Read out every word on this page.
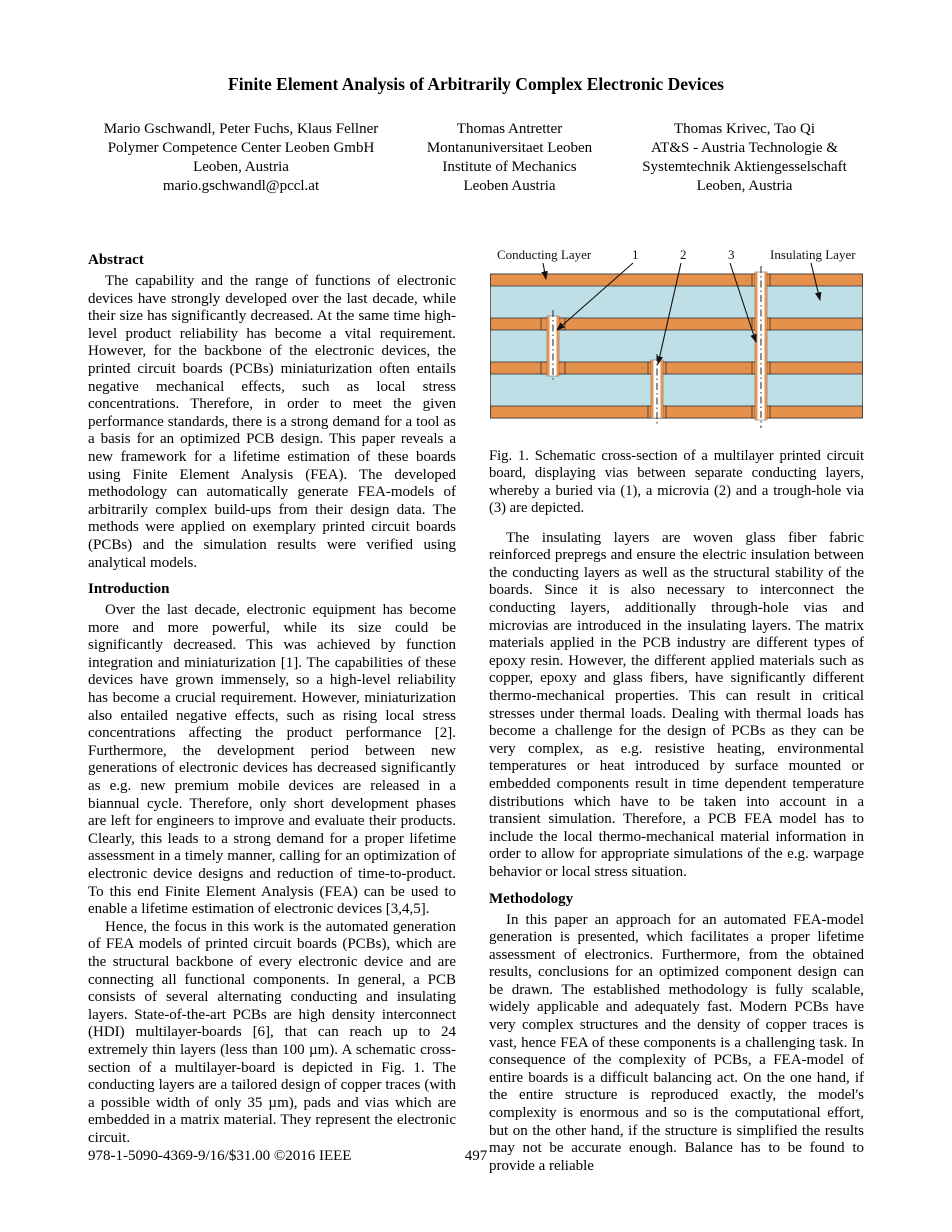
Finite Element Analysis of Arbitrarily Complex Electronic Devices
Mario Gschwandl, Peter Fuchs, Klaus Fellner
Polymer Competence Center Leoben GmbH
Leoben, Austria
mario.gschwandl@pccl.at
Thomas Antretter
Montanuniversitaet Leoben
Institute of Mechanics
Leoben Austria
Thomas Krivec, Tao Qi
AT&S - Austria Technologie &
Systemtechnik Aktiengesselschaft
Leoben, Austria
Abstract

The capability and the range of functions of electronic devices have strongly developed over the last decade, while their size has significantly decreased. At the same time high-level product reliability has become a vital requirement. However, for the backbone of the electronic devices, the printed circuit boards (PCBs) miniaturization often entails negative mechanical effects, such as local stress concentrations. Therefore, in order to meet the given performance standards, there is a strong demand for a tool as a basis for an optimized PCB design. This paper reveals a new framework for a lifetime estimation of these boards using Finite Element Analysis (FEA). The developed methodology can automatically generate FEA-models of arbitrarily complex build-ups from their design data. The methods were applied on exemplary printed circuit boards (PCBs) and the simulation results were verified using analytical models.

Introduction

Over the last decade, electronic equipment has become more and more powerful, while its size could be significantly decreased. This was achieved by function integration and miniaturization [1]. The capabilities of these devices have grown immensely, so a high-level reliability has become a crucial requirement. However, miniaturization also entailed negative effects, such as rising local stress concentrations affecting the product performance [2]. Furthermore, the development period between new generations of electronic devices has decreased significantly as e.g. new premium mobile devices are released in a biannual cycle. Therefore, only short development phases are left for engineers to improve and evaluate their products. Clearly, this leads to a strong demand for a proper lifetime assessment in a timely manner, calling for an optimization of electronic device designs and reduction of time-to-product. To this end Finite Element Analysis (FEA) can be used to enable a lifetime estimation of electronic devices [3,4,5].

Hence, the focus in this work is the automated generation of FEA models of printed circuit boards (PCBs), which are the structural backbone of every electronic device and are connecting all functional components. In general, a PCB consists of several alternating conducting and insulating layers. State-of-the-art PCBs are high density interconnect (HDI) multilayer-boards [6], that can reach up to 24 extremely thin layers (less than 100 µm). A schematic cross-section of a multilayer-board is depicted in Fig. 1. The conducting layers are a tailored design of copper traces (with a possible width of only 35 µm), pads and vias which are embedded in a matrix material. They represent the electronic circuit.

Conducting Layer	1	2	3	Insulating Layer

Fig. 1. Schematic cross-section of a multilayer printed circuit board, displaying vias between separate conducting layers, whereby a buried via (1), a microvia (2) and a trough-hole via (3) are depicted.

The insulating layers are woven glass fiber fabric reinforced prepregs and ensure the electric insulation between the conducting layers as well as the structural stability of the boards. Since it is also necessary to interconnect the conducting layers, additionally through-hole vias and microvias are introduced in the insulating layers. The matrix materials applied in the PCB industry are different types of epoxy resin. However, the different applied materials such as copper, epoxy and glass fibers, have significantly different thermo-mechanical properties. This can result in critical stresses under thermal loads. Dealing with thermal loads has become a challenge for the design of PCBs as they can be very complex, as e.g. resistive heating, environmental temperatures or heat introduced by surface mounted or embedded components result in time dependent temperature distributions which have to be taken into account in a transient simulation. Therefore, a PCB FEA model has to include the local thermo-mechanical material information in order to allow for appropriate simulations of the e.g. warpage behavior or local stress situation.

Methodology

In this paper an approach for an automated FEA-model generation is presented, which facilitates a proper lifetime assessment of electronics. Furthermore, from the obtained results, conclusions for an optimized component design can be drawn. The established methodology is fully scalable, widely applicable and adequately fast. Modern PCBs have very complex structures and the density of copper traces is vast, hence FEA of these components is a challenging task. In consequence of the complexity of PCBs, a FEA-model of entire boards is a difficult balancing act. On the one hand, if the entire structure is reproduced exactly, the model's complexity is enormous and so is the computational effort, but on the other hand, if the structure is simplified the results may not be accurate enough. Balance has to be found to provide a reliable

978-1-5090-4369-9/16/$31.00 ©2016 IEEE	497
